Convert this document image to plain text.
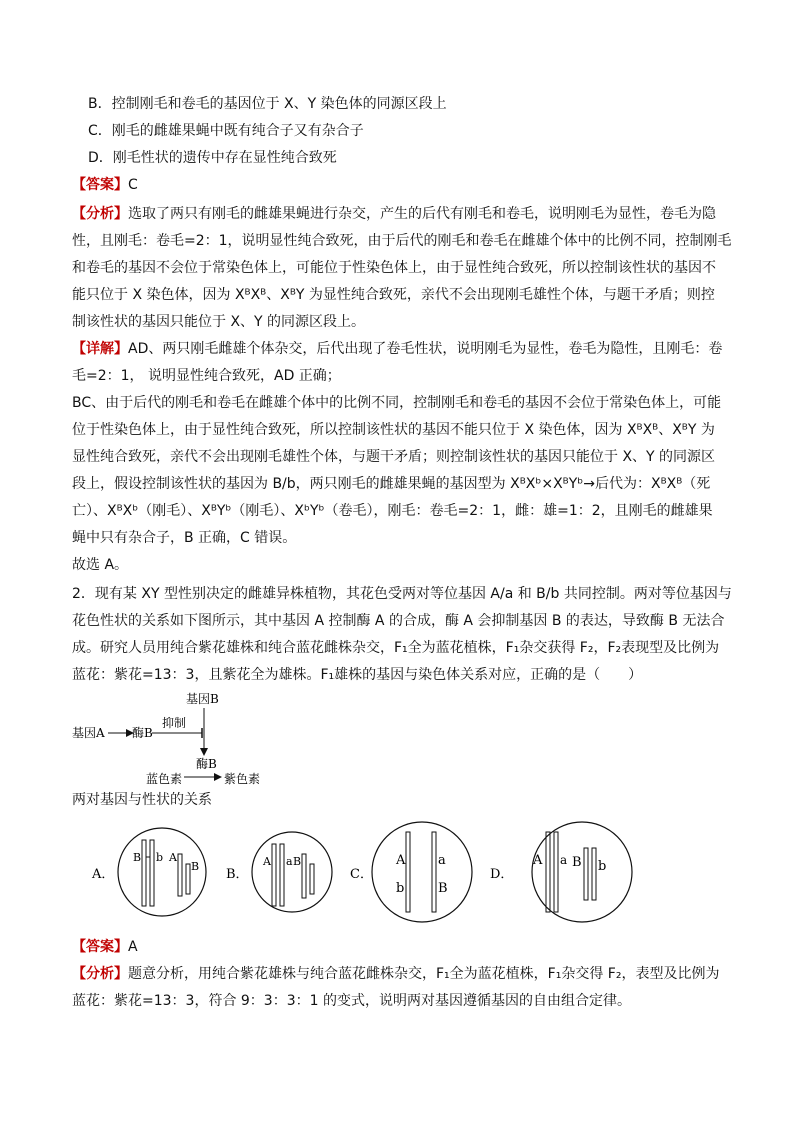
B．控制刚毛和卷毛的基因位于 X、Y 染色体的同源区段上
C．刚毛的雌雄果蝇中既有纯合子又有杂合子
D．刚毛性状的遗传中存在显性纯合致死
【答案】C
【分析】选取了两只有刚毛的雌雄果蝇进行杂交，产生的后代有刚毛和卷毛，说明刚毛为显性，卷毛为隐
性，且刚毛：卷毛=2：1，说明显性纯合致死，由于后代的刚毛和卷毛在雌雄个体中的比例不同，控制刚毛
和卷毛的基因不会位于常染色体上，可能位于性染色体上，由于显性纯合致死，所以控制该性状的基因不
能只位于 X 染色体，因为 XᴮXᴮ、XᴮY 为显性纯合致死，亲代不会出现刚毛雄性个体，与题干矛盾；则控
制该性状的基因只能位于 X、Y 的同源区段上。
【详解】AD、两只刚毛雌雄个体杂交，后代出现了卷毛性状，说明刚毛为显性，卷毛为隐性，且刚毛：卷
毛=2：1， 说明显性纯合致死，AD 正确；
BC、由于后代的刚毛和卷毛在雌雄个体中的比例不同，控制刚毛和卷毛的基因不会位于常染色体上，可能
位于性染色体上，由于显性纯合致死，所以控制该性状的基因不能只位于 X 染色体，因为 XᴮXᴮ、XᴮY 为
显性纯合致死，亲代不会出现刚毛雄性个体，与题干矛盾；则控制该性状的基因只能位于 X、Y 的同源区
段上，假设控制该性状的基因为 B/b，两只刚毛的雌雄果蝇的基因型为 XᴮXᵇ×XᴮYᵇ→后代为：XᴮXᴮ（死
亡）、XᴮXᵇ（刚毛）、XᴮYᵇ（刚毛）、XᵇYᵇ（卷毛），刚毛：卷毛=2：1，雌：雄=1：2，且刚毛的雌雄果
蝇中只有杂合子，B 正确，C 错误。
故选 A。
2．现有某 XY 型性别决定的雌雄异株植物，其花色受两对等位基因 A/a 和 B/b 共同控制。两对等位基因与
花色性状的关系如下图所示，其中基因 A 控制酶 A 的合成，酶 A 会抑制基因 B 的表达，导致酶 B 无法合
成。研究人员用纯合紫花雄株和纯合蓝花雌株杂交，F₁全为蓝花植株，F₁杂交获得 F₂，F₂表现型及比例为
蓝花：紫花=13：3，且紫花全为雄株。F₁雄株的基因与染色体关系对应，正确的是（　　）
基因B
基因A 酶B
抑制
酶B
蓝色素	紫色素
两对基因与性状的关系
A．
B b A
B
B．
A a B
C．
A	a
b	B
D．
A a B b
【答案】A
【分析】题意分析，用纯合紫花雄株与纯合蓝花雌株杂交，F₁全为蓝花植株，F₁杂交得 F₂，表型及比例为
蓝花：紫花=13：3，符合 9：3：3：1 的变式，说明两对基因遵循基因的自由组合定律。
